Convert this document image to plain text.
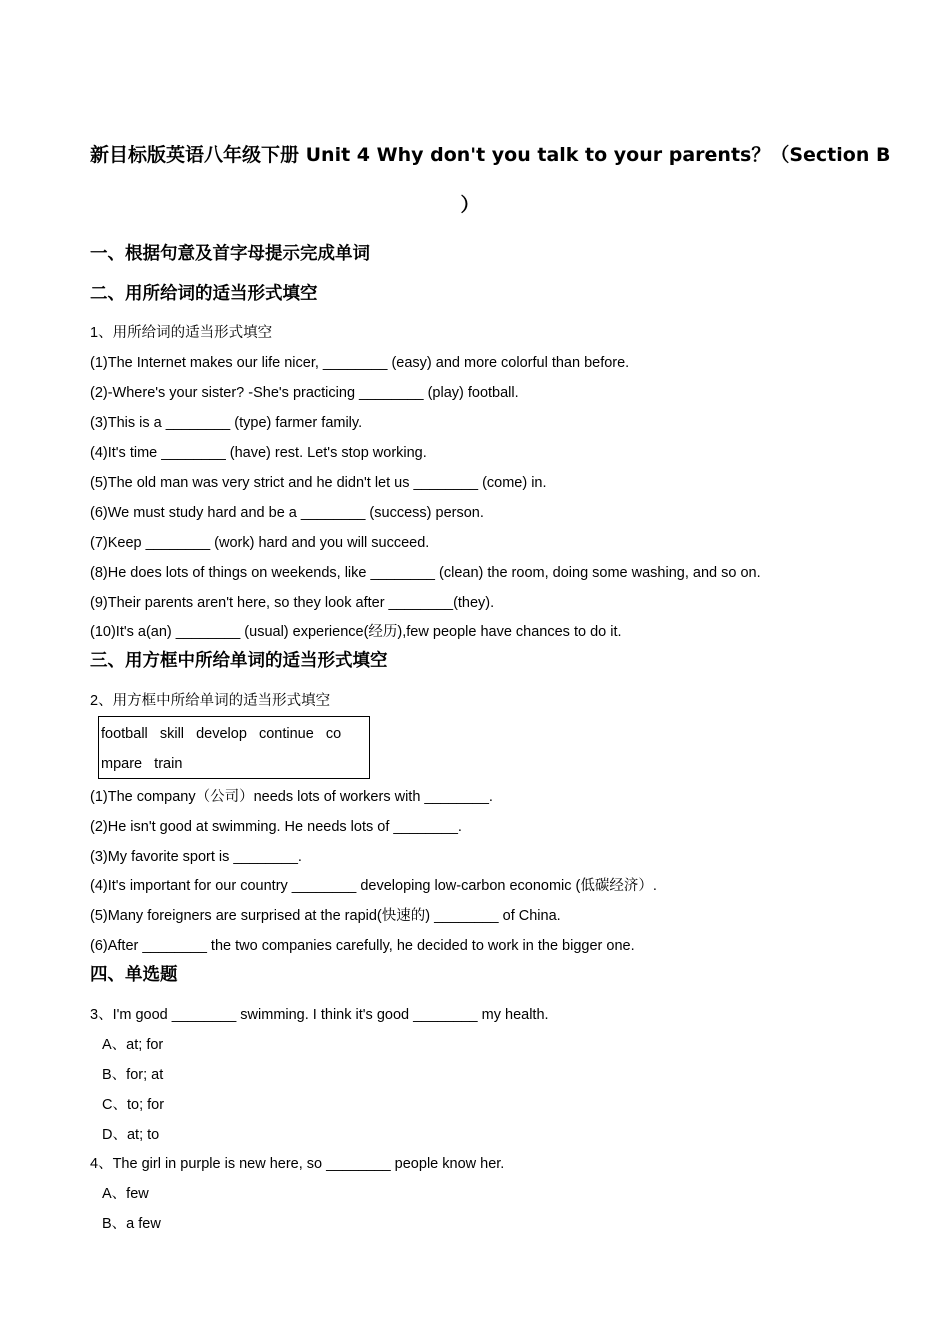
新目标版英语八年级下册 Unit 4 Why don't you talk to your parents？（Section B
）
一、根据句意及首字母提示完成单词
二、用所给词的适当形式填空
1、用所给词的适当形式填空
(1)The Internet makes our life nicer, ________ (easy) and more colorful than before.
(2)-Where's your sister? -She's practicing ________ (play) football.
(3)This is a ________ (type) farmer family.
(4)It's time ________ (have) rest. Let's stop working.
(5)The old man was very strict and he didn't let us ________ (come) in.
(6)We must study hard and be a ________ (success) person.
(7)Keep ________ (work) hard and you will succeed.
(8)He does lots of things on weekends, like ________ (clean) the room, doing some washing, and so on.
(9)Their parents aren't here, so they look after ________(they).
(10)It's a(an) ________ (usual) experience(经历),few people have chances to do it.
三、用方框中所给单词的适当形式填空
2、用方框中所给单词的适当形式填空
football   skill   develop   continue   co
mpare   train
(1)The company（公司）needs lots of workers with ________.
(2)He isn't good at swimming. He needs lots of ________.
(3)My favorite sport is ________.
(4)It's important for our country ________ developing low-carbon economic (低碳经济）.
(5)Many foreigners are surprised at the rapid(快速的) ________ of China.
(6)After ________ the two companies carefully, he decided to work in the bigger one.
四、单选题
3、I'm good ________ swimming. I think it's good ________ my health.
A、at; for
B、for; at
C、to; for
D、at; to
4、The girl in purple is new here, so ________ people know her.
A、few
B、a few
